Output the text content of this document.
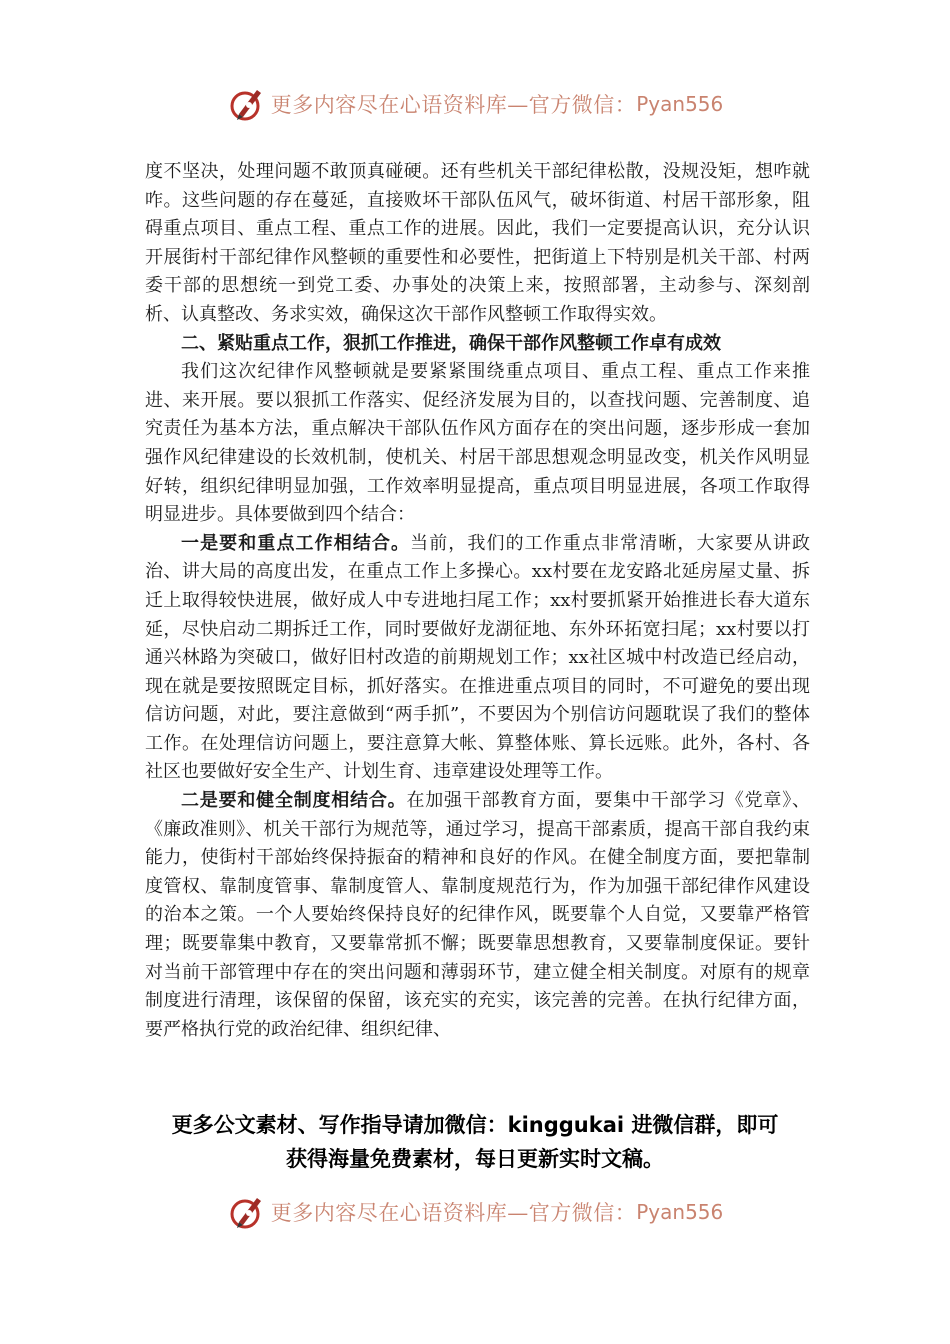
更多内容尽在心语资料库—官方微信： Pyan556

度不坚决，处理问题不敢顶真碰硬。还有些机关干部纪律松散，没规没矩，想咋就咋。这些问题的存在蔓延，直接败坏干部队伍风气，破坏街道、村居干部形象，阻碍重点项目、重点工程、重点工作的进展。因此，我们一定要提高认识，充分认识开展街村干部纪律作风整顿的重要性和必要性，把街道上下特别是机关干部、村两委干部的思想统一到党工委、办事处的决策上来，按照部署，主动参与、深刻剖析、认真整改、务求实效，确保这次干部作风整顿工作取得实效。

二、紧贴重点工作，狠抓工作推进，确保干部作风整顿工作卓有成效

我们这次纪律作风整顿就是要紧紧围绕重点项目、重点工程、重点工作来推进、来开展。要以狠抓工作落实、促经济发展为目的，以查找问题、完善制度、追究责任为基本方法，重点解决干部队伍作风方面存在的突出问题，逐步形成一套加强作风纪律建设的长效机制，使机关、村居干部思想观念明显改变，机关作风明显好转，组织纪律明显加强，工作效率明显提高，重点项目明显进展，各项工作取得明显进步。具体要做到四个结合：

一是要和重点工作相结合。当前，我们的工作重点非常清晰，大家要从讲政治、讲大局的高度出发，在重点工作上多操心。xx村要在龙安路北延房屋丈量、拆迁上取得较快进展，做好成人中专进地扫尾工作；xx村要抓紧开始推进长春大道东延，尽快启动二期拆迁工作，同时要做好龙湖征地、东外环拓宽扫尾；xx村要以打通兴林路为突破口，做好旧村改造的前期规划工作；xx社区城中村改造已经启动，现在就是要按照既定目标，抓好落实。在推进重点项目的同时，不可避免的要出现信访问题，对此，要注意做到“两手抓”，不要因为个别信访问题耽误了我们的整体工作。在处理信访问题上，要注意算大帐、算整体账、算长远账。此外，各村、各社区也要做好安全生产、计划生育、违章建设处理等工作。

二是要和健全制度相结合。在加强干部教育方面，要集中干部学习《党章》、《廉政准则》、机关干部行为规范等，通过学习，提高干部素质，提高干部自我约束能力，使街村干部始终保持振奋的精神和良好的作风。在健全制度方面，要把靠制度管权、靠制度管事、靠制度管人、靠制度规范行为，作为加强干部纪律作风建设的治本之策。一个人要始终保持良好的纪律作风，既要靠个人自觉，又要靠严格管理；既要靠集中教育，又要靠常抓不懈；既要靠思想教育，又要靠制度保证。要针对当前干部管理中存在的突出问题和薄弱环节，建立健全相关制度。对原有的规章制度进行清理，该保留的保留，该充实的充实，该完善的完善。在执行纪律方面，要严格执行党的政治纪律、组织纪律、

更多公文素材、写作指导请加微信：kinggukai 进微信群，即可
获得海量免费素材，每日更新实时文稿。
更多内容尽在心语资料库—官方微信： Pyan556
